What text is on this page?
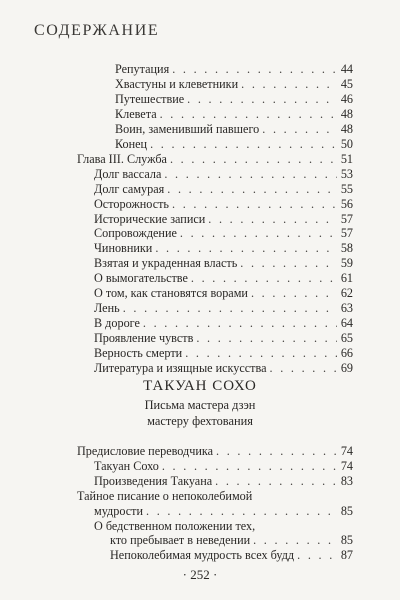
СОДЕРЖАНИЕ
Репутация . . .	44
Хвастуны и клеветники . . .	45
Путешествие . . .	46
Клевета . . .	48
Воин, заменивший павшего . . .	48
Конец . . .	50
Глава III. Служба . . .	51
Долг вассала . . .	53
Долг самурая . . .	55
Осторожность . . .	56
Исторические записи . . .	57
Сопровождение . . .	57
Чиновники . . .	58
Взятая и украденная власть . . .	59
О вымогательстве . . .	61
О том, как становятся ворами . . .	62
Лень . . .	63
В дороге . . .	64
Проявление чувств . . .	65
Верность смерти . . .	66
Литература и изящные искусства . . .	69
ТАКУАН СОХО
Письма мастера дзэн
мастеру фехтования
Предисловие переводчика . . .	74
Такуан Сохо . . .	74
Произведения Такуана . . .	83
Тайное писание о непоколебимой
мудрости . . .	85
О бедственном положении тех,
кто пребывает в неведении . . .	85
Непоколебимая мудрость всех будд . . .	87
· 252 ·
